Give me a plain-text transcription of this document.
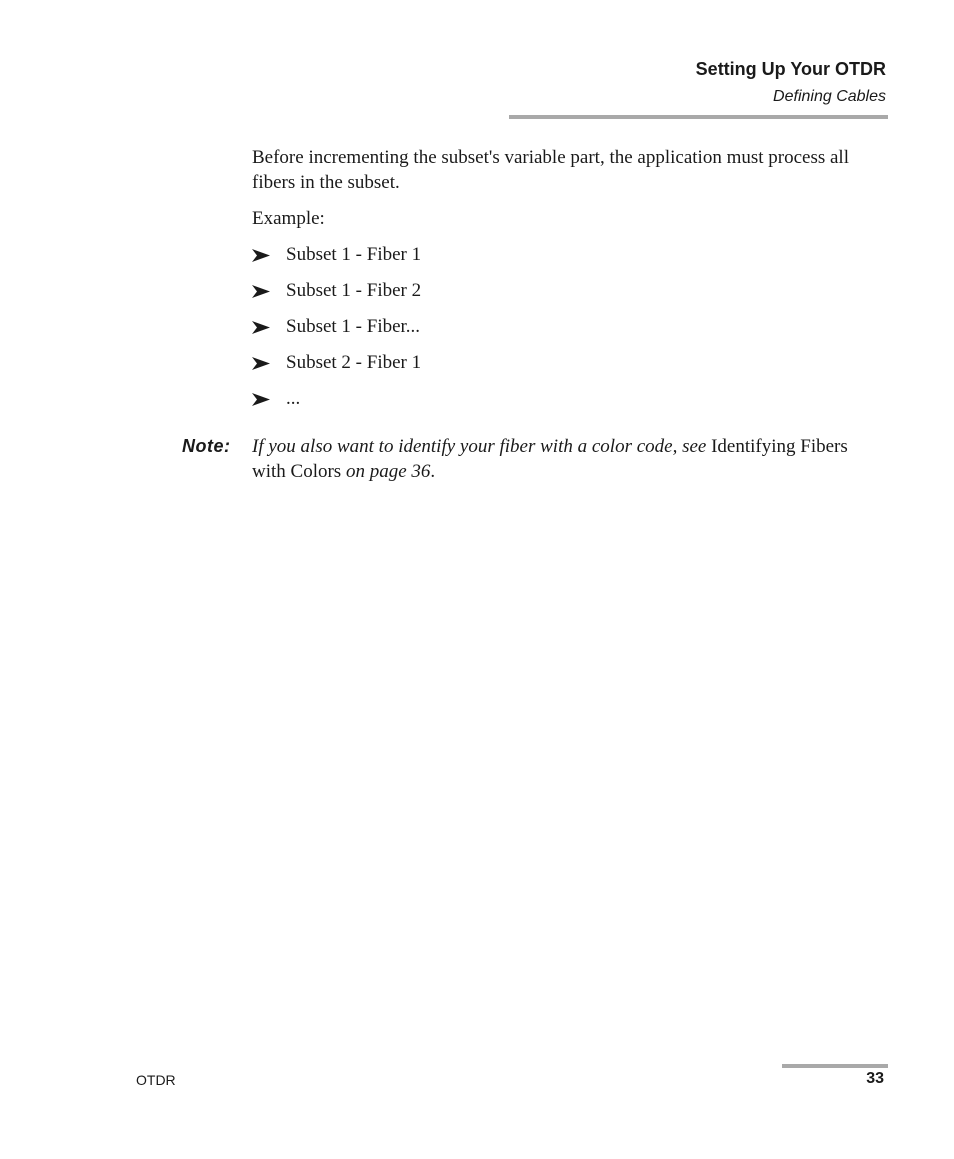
Setting Up Your OTDR
Defining Cables

Before incrementing the subset's variable part, the application must process all fibers in the subset.

Example:

Subset 1 - Fiber 1
Subset 1 - Fiber 2
Subset 1 - Fiber...
Subset 2 - Fiber 1
...
Note: If you also want to identify your fiber with a color code, see Identifying Fibers with Colors on page 36.
OTDR	33
